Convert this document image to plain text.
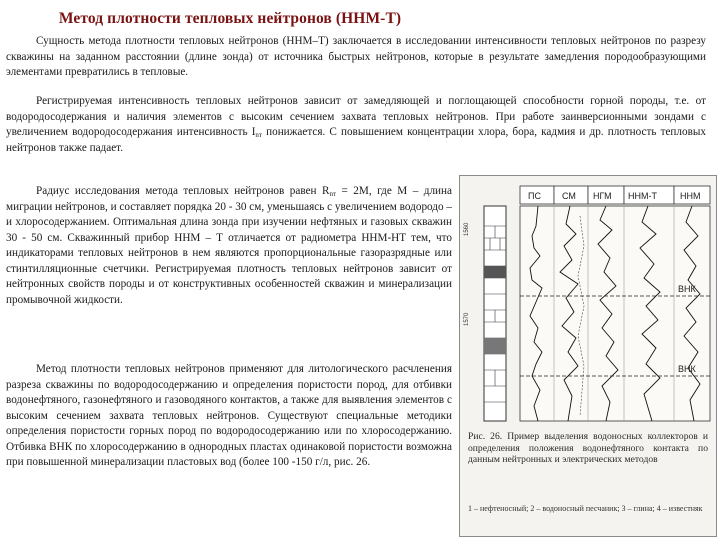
Метод плотности тепловых нейтронов (ННМ-Т)

Сущность метода плотности тепловых нейтронов (ННМ–Т) заключается в исследовании интенсивности тепловых нейтронов по разрезу скважины на заданном расстоянии (длине зонда) от источника быстрых нейтронов, которые в результате замедления породообразующими элементами превратились в тепловые.

Регистрируемая интенсивность тепловых нейтронов зависит от замедляющей и поглощающей способности горной породы, т.е. от водородосодержания и наличия элементов с высоким сечением захвата тепловых нейтронов. При работе заинверсионными зондами с увеличением водородосодержания интенсивность $I_{nт}$ понижается. С повышением концентрации хлора, бора, кадмия и др. плотность тепловых нейтронов также падает.

Радиус исследования метода тепловых нейтронов равен $R_{nт} = 2M$, где M – длина миграции нейтронов, и составляет порядка 20 - 30 см, уменьшаясь с увеличением водородо – и хлоросодержанием. Оптимальная длина зонда при изучении нефтяных и газовых скважин 30 - 50 см. Скважинный прибор ННМ – Т отличается от радиометра ННМ-НТ тем, что индикаторами тепловых нейтронов в нем являются пропорциональные газоразрядные или стинтилляционные счетчики. Регистрируемая плотность тепловых нейтронов зависит от нейтронных свойств породы и от конструктивных особенностей скважин и минерализации промывочной жидкости.

Метод плотности тепловых нейтронов применяют для литологического расчленения разреза скважины по водородосодержанию и определения пористости пород, для отбивки водонефтяного, газонефтяного и газоводяного контактов, а также для выявления элементов с высоким сечением захвата тепловых нейтронов. Существуют специальные методики определения пористости горных пород по водородосодержанию или по хлоросодержанию. Отбивка ВНК по хлоросодержанию в однородных пластах одинаковой пористости возможна при повышенной минерализации пластовых вод (более 100 -150 г/л, рис. 26.

1560
1570
ПС СМ НГМ ННМ-Т	ННМ
ВНК
ВНК

Рис. 26. Пример выделения водоносных коллекторов и определения положения водонефтяного контакта по данным нейтронных и электрических методов

1 – нефтеносный; 2 – водоносный песчаник; 3 – глина; 4 – известняк
